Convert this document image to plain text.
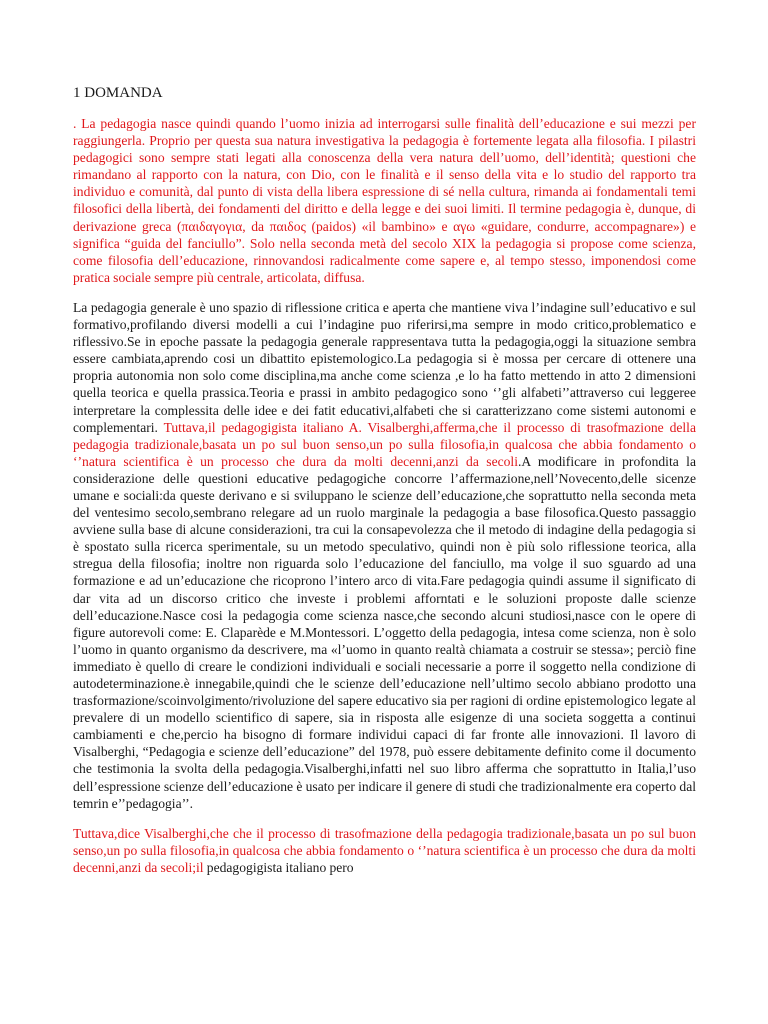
1 DOMANDA

. La pedagogia nasce quindi quando l’uomo inizia ad interrogarsi sulle finalità dell’educazione e sui mezzi per raggiungerla. Proprio per questa sua natura investigativa la pedagogia è fortemente legata alla filosofia. I pilastri pedagogici sono sempre stati legati alla conoscenza della vera natura dell’uomo, dell’identità; questioni che rimandano al rapporto con la natura, con Dio, con le finalità e il senso della vita e lo studio del rapporto tra individuo e comunità, dal punto di vista della libera espressione di sé nella cultura, rimanda ai fondamentali temi filosofici della libertà, dei fondamenti del diritto e della legge e dei suoi limiti. Il termine pedagogia è, dunque, di derivazione greca (παιδαγογια, da παιδος (paidos) «il bambino» e αγω «guidare, condurre, accompagnare») e significa “guida del fanciullo”. Solo nella seconda metà del secolo XIX la pedagogia si propose come scienza, come filosofia dell’educazione, rinnovandosi radicalmente come sapere e, al tempo stesso, imponendosi come pratica sociale sempre più centrale, articolata, diffusa.

La pedagogia generale è uno spazio di riflessione critica e aperta che mantiene viva l’indagine sull’educativo e sul formativo,profilando diversi modelli a cui l’indagine puo riferirsi,ma sempre in modo critico,problematico e riflessivo.Se in epoche passate la pedagogia generale rappresentava tutta la pedagogia,oggi la situazione sembra essere cambiata,aprendo cosi un dibattito epistemologico.La pedagogia si è mossa per cercare di ottenere una propria autonomia non solo come disciplina,ma anche come scienza ,e lo ha fatto mettendo in atto 2 dimensioni quella teorica e quella prassica.Teoria e prassi in ambito pedagogico sono ‘’gli alfabeti’’attraverso cui leggeree interpretare la complessita delle idee e dei fatit educativi,alfabeti che si caratterizzano come sistemi autonomi e complementari. Tuttava,il pedagogigista italiano A. Visalberghi,afferma,che il processo di trasofmazione della pedagogia tradizionale,basata un po sul buon senso,un po sulla filosofia,in qualcosa che abbia fondamento o ‘’natura scientifica è un processo che dura da molti decenni,anzi da secoli.A modificare in profondita la considerazione delle questioni educative pedagogiche concorre l’affermazione,nell’Novecento,delle sicenze umane e sociali:da queste derivano e si sviluppano le scienze dell’educazione,che soprattutto nella seconda meta del ventesimo secolo,sembrano relegare ad un ruolo marginale la pedagogia a base filosofica.Questo passaggio avviene sulla base di alcune considerazioni, tra cui la consapevolezza che il metodo di indagine della pedagogia si è spostato sulla ricerca sperimentale, su un metodo speculativo, quindi non è più solo riflessione teorica, alla stregua della filosofia; inoltre non riguarda solo l’educazione del fanciullo, ma volge il suo sguardo ad una formazione e ad un’educazione che ricoprono l’intero arco di vita.Fare pedagogia quindi assume il significato di dar vita ad un discorso critico che investe i problemi afforntati e le soluzioni proposte dalle scienze dell’educazione.Nasce cosi la pedagogia come scienza nasce,che secondo alcuni studiosi,nasce con le opere di figure autorevoli come: E. Claparède e M.Montessori. L’oggetto della pedagogia, intesa come scienza, non è solo l’uomo in quanto organismo da descrivere, ma «l’uomo in quanto realtà chiamata a costruir se stessa»; perciò fine immediato è quello di creare le condizioni individuali e sociali necessarie a porre il soggetto nella condizione di autodeterminazione.è innegabile,quindi che le scienze dell’educazione nell’ultimo secolo abbiano prodotto una trasformazione/scoinvolgimento/rivoluzione del sapere educativo sia per ragioni di ordine epistemologico legate al prevalere di un modello scientifico di sapere, sia in risposta alle esigenze di una societa soggetta a continui cambiamenti e che,percio ha bisogno di formare individui capaci di far fronte alle innovazioni. Il lavoro di Visalberghi, “Pedagogia e scienze dell’educazione” del 1978, può essere debitamente definito come il documento che testimonia la svolta della pedagogia.Visalberghi,infatti nel suo libro afferma che soprattutto in Italia,l’uso dell’espressione scienze dell’educazione è usato per indicare il genere di studi che tradizionalmente era coperto dal temrin e’’pedagogia’’.

Tuttava,dice Visalberghi,che che il processo di trasofmazione della pedagogia tradizionale,basata un po sul buon senso,un po sulla filosofia,in qualcosa che abbia fondamento o ‘’natura scientifica è un processo che dura da molti decenni,anzi da secoli;il pedagogigista italiano pero
